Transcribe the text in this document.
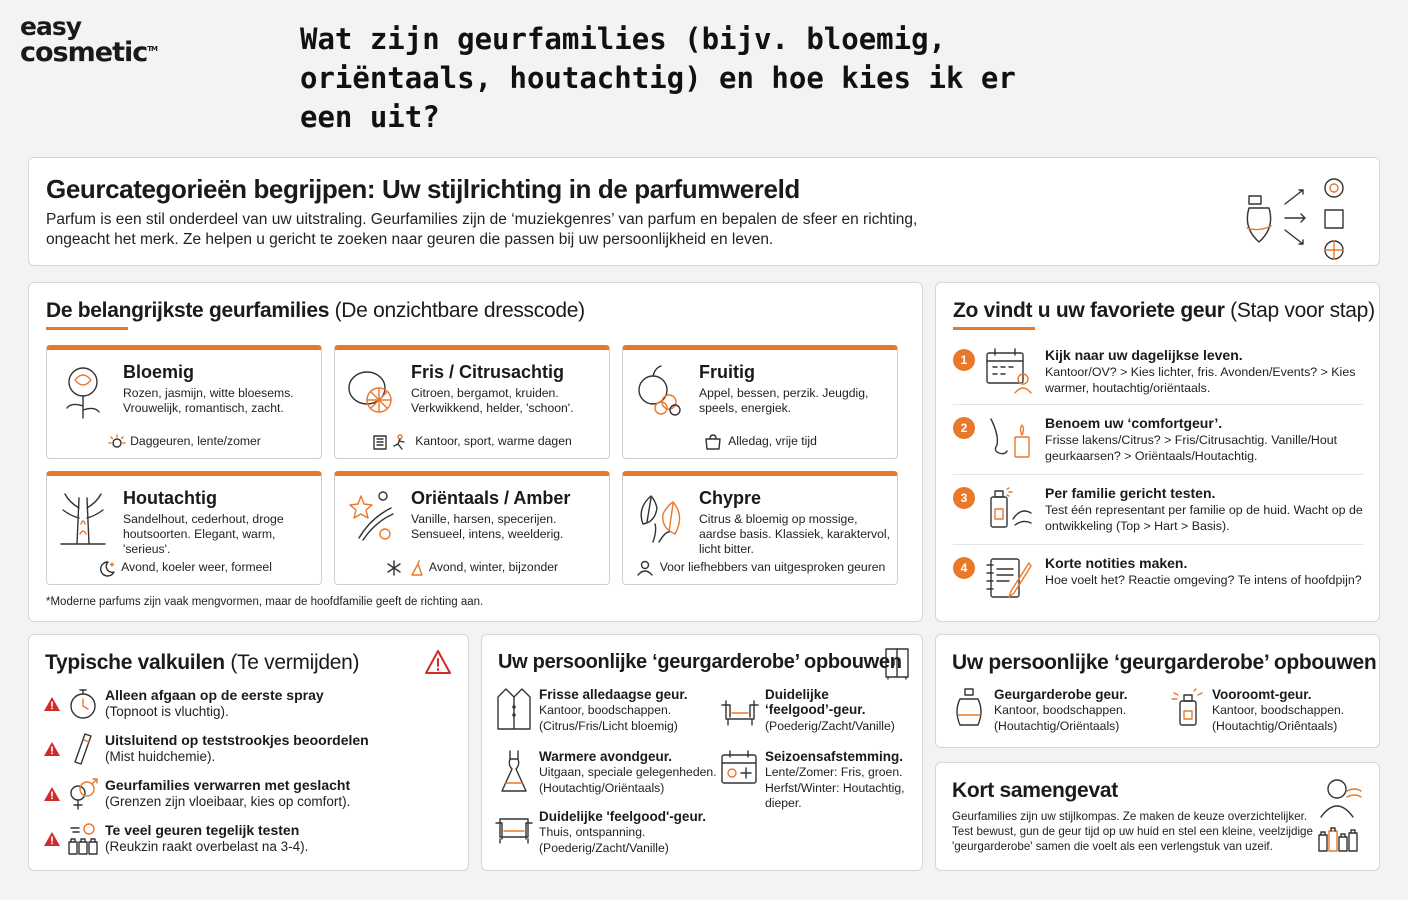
easy
cosmetic™	Wat zijn geurfamilies (bijv. bloemig, oriëntaals, houtachtig) en hoe kies ik er een uit?
Geurcategorieën begrijpen: Uw stijlrichting in de parfumwereld

Parfum is een stil onderdeel van uw uitstraling. Geurfamilies zijn de ‘muziekgenres’ van parfum en bepalen de sfeer en richting, ongeacht het merk. Ze helpen u gericht te zoeken naar geuren die passen bij uw persoonlijkheid en leven.

De belangrijkste geurfamilies (De onzichtbare dresscode)
Bloemig
Rozen, jasmijn, witte bloesems. Vrouwelijk, romantisch, zacht.
Daggeuren, lente/zomer
Fris / Citrusachtig
Citroen, bergamot, kruiden. Verkwikkend, helder, 'schoon'.
Kantoor, sport, warme dagen
Fruitig
Appel, bessen, perzik. Jeugdig, speels, energiek.
Alledag, vrije tijd
Houtachtig
Sandelhout, cederhout, droge houtsoorten. Elegant, warm, 'serieus'.
Avond, koeler weer, formeel
Oriëntaals / Amber
Vanille, harsen, specerijen. Sensueel, intens, weelderig.
Avond, winter, bijzonder
Chypre
Citrus & bloemig op mossige, aardse basis. Klassiek, karaktervol, licht bitter.
Voor liefhebbers van uitgesproken geuren
*Moderne parfums zijn vaak mengvormen, maar de hoofdfamilie geeft de richting aan.
Zo vindt u uw favoriete geur (Stap voor stap)
1	Kijk naar uw dagelijkse leven.
Kantoor/OV? > Kies lichter, fris. Avonden/Events? > Kies warmer, houtachtig/oriëntaals.
2	Benoem uw ‘comfortgeur’.
Frisse lakens/Citrus? > Fris/Citrusachtig. Vanille/Hout geurkaarsen? > Oriëntaals/Houtachtig.
3	Per familie gericht testen.
Test één representant per familie op de huid. Wacht op de ontwikkeling (Top > Hart > Basis).
4	Korte notities maken.
Hoe voelt het? Reactie omgeving? Te intens of hoofdpijn?
Typische valkuilen (Te vermijden)
Alleen afgaan op de eerste spray
(Topnoot is vluchtig).
Uitsluitend op teststrookjes beoordelen
(Mist huidchemie).
Geurfamilies verwarren met geslacht
(Grenzen zijn vloeibaar, kies op comfort).
Te veel geuren tegelijk testen
(Reukzin raakt overbelast na 3-4).
Uw persoonlijke ‘geurgarderobe’ opbouwen
Frisse alledaagse geur.
Kantoor, boodschappen. (Citrus/Fris/Licht bloemig)
Duidelijke ‘feelgood’-geur.
(Poederig/Zacht/Vanille)
Warmere avondgeur.
Uitgaan, speciale gelegenheden. (Houtachtig/Oriëntaals)
Seizoensafstemming.
Lente/Zomer: Fris, groen. Herfst/Winter: Houtachtig, dieper.
Duidelijke 'feelgood'-geur.
Thuis, ontspanning. (Poederig/Zacht/Vanille)
Uw persoonlijke ‘geurgarderobe’ opbouwen
Geurgarderobe geur.
Kantoor, boodschappen. (Houtachtig/Oriëntaals)
Vooroomt-geur.
Kantoor, boodschappen. (Houtachtig/Oriêntaals)
Kort samengevat

Geurfamilies zijn uw stijlkompas. Ze maken de keuze overzichtelijker. Test bewust, gun de geur tijd op uw huid en stel een kleine, veelzijdige 'geurgarderobe' samen die voelt als een verlengstuk van uzeif.
